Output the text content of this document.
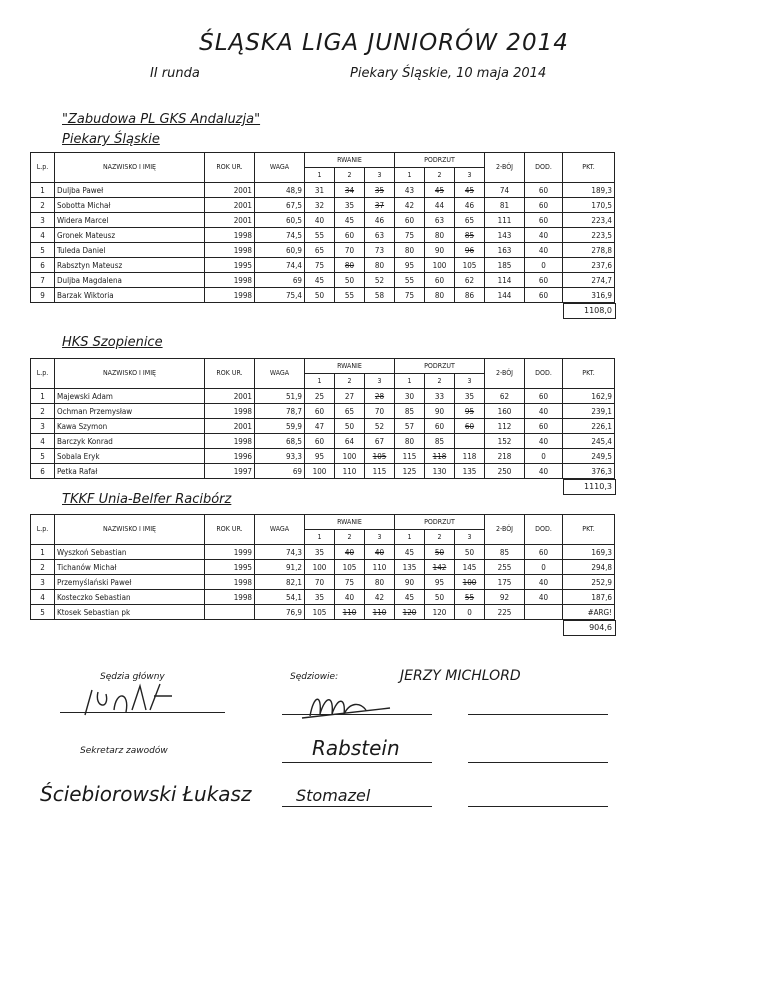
ŚLĄSKA LIGA JUNIORÓW 2014
II runda	Piekary Śląskie, 10 maja 2014
"Zabudowa PL GKS Andaluzja"
Piekary Śląskie
HKS Szopienice
TKKF Unia-Belfer Racibórz
L.p.	NAZWISKO I IMIĘ	ROK UR.	WAGA	RWANIE			PODRZUT			2-BÓJ	DOD.	PKT.
				1	2	3	1	2	3			
1	Duljba Paweł	2001	48,9	31	34	35	43	45	45	74	60	189,3
2	Sobotta Michał	2001	67,5	32	35	37	42	44	46	81	60	170,5
3	Widera Marcel	2001	60,5	40	45	46	60	63	65	111	60	223,4
4	Gronek Mateusz	1998	74,5	55	60	63	75	80	85	143	40	223,5
5	Tuleda Daniel	1998	60,9	65	70	73	80	90	96	163	40	278,8
6	Rabsztyn Mateusz	1995	74,4	75	80	80	95	100	105	185	0	237,6
7	Duljba Magdalena	1998	69	45	50	52	55	60	62	114	60	274,7
9	Barzak Wiktoria	1998	75,4	50	55	58	75	80	86	144	60	316,9
1108,0
L.p.	NAZWISKO I IMIĘ	ROK UR.	WAGA	RWANIE			PODRZUT			2-BÓJ	DOD.	PKT.
				1	2	3	1	2	3			
1	Majewski Adam	2001	51,9	25	27	28	30	33	35	62	60	162,9
2	Ochman Przemysław	1998	78,7	60	65	70	85	90	95	160	40	239,1
3	Kawa Szymon	2001	59,9	47	50	52	57	60	60	112	60	226,1
4	Barczyk Konrad	1998	68,5	60	64	67	80	85		152	40	245,4
5	Sobala Eryk	1996	93,3	95	100	105	115	118	118	218	0	249,5
6	Petka Rafał	1997	69	100	110	115	125	130	135	250	40	376,3
1110,3
L.p.	NAZWISKO I IMIĘ	ROK UR.	WAGA	RWANIE			PODRZUT			2-BÓJ	DOD.	PKT.
				1	2	3	1	2	3			
1	Wyszkoń Sebastian	1999	74,3	35	40	40	45	50	50	85	60	169,3
2	Tichanów Michał	1995	91,2	100	105	110	135	142	145	255	0	294,8
3	Przemyślański Paweł	1998	82,1	70	75	80	90	95	100	175	40	252,9
4	Kosteczko Sebastian	1998	54,1	35	40	42	45	50	55	92	40	187,6
5	Ktosek Sebastian pk		76,9	105	110	110	120	120	0	225		#ARG!
904,6
Sędzia główny	Sędziowie:
Sekretarz zawodów	Rabstein
Stomazel
JERZY MICHLORD
Ściebiorowski Łukasz
